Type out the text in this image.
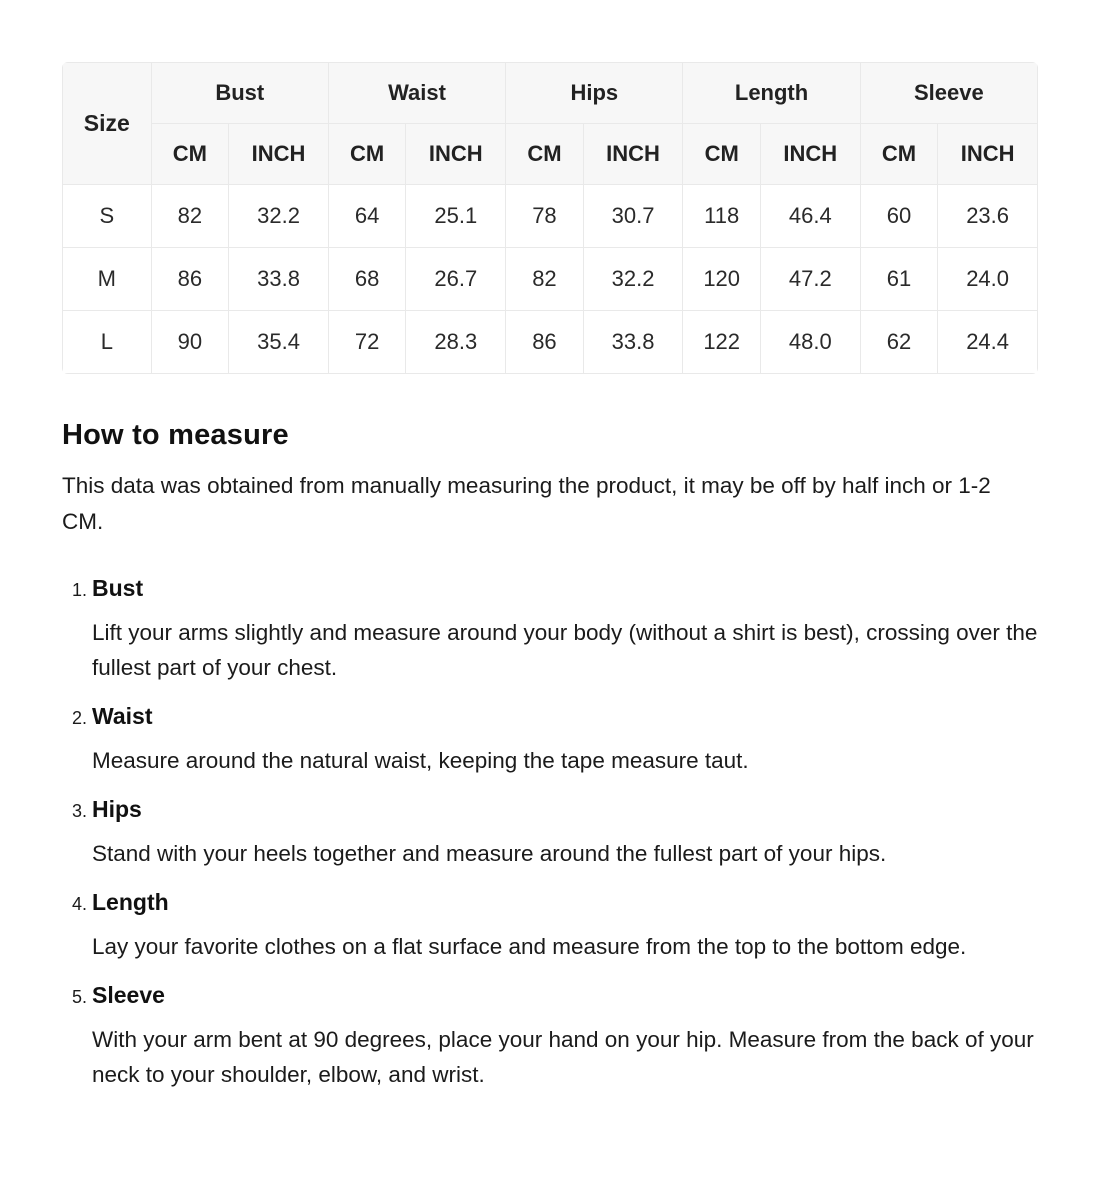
Size	Bust		Waist		Hips		Length		Sleeve	
	CM	INCH	CM	INCH	CM	INCH	CM	INCH	CM	INCH
S	82	32.2	64	25.1	78	30.7	118	46.4	60	23.6
M	86	33.8	68	26.7	82	32.2	120	47.2	61	24.0
L	90	35.4	72	28.3	86	33.8	122	48.0	62	24.4
How to measure

This data was obtained from manually measuring the product, it may be off by half inch or 1-2 CM.

1. Bust

Lift your arms slightly and measure around your body (without a shirt is best), crossing over the fullest part of your chest.

2. Waist

Measure around the natural waist, keeping the tape measure taut.

3. Hips

Stand with your heels together and measure around the fullest part of your hips.

4. Length

Lay your favorite clothes on a flat surface and measure from the top to the bottom edge.

5. Sleeve

With your arm bent at 90 degrees, place your hand on your hip. Measure from the back of your neck to your shoulder, elbow, and wrist.
